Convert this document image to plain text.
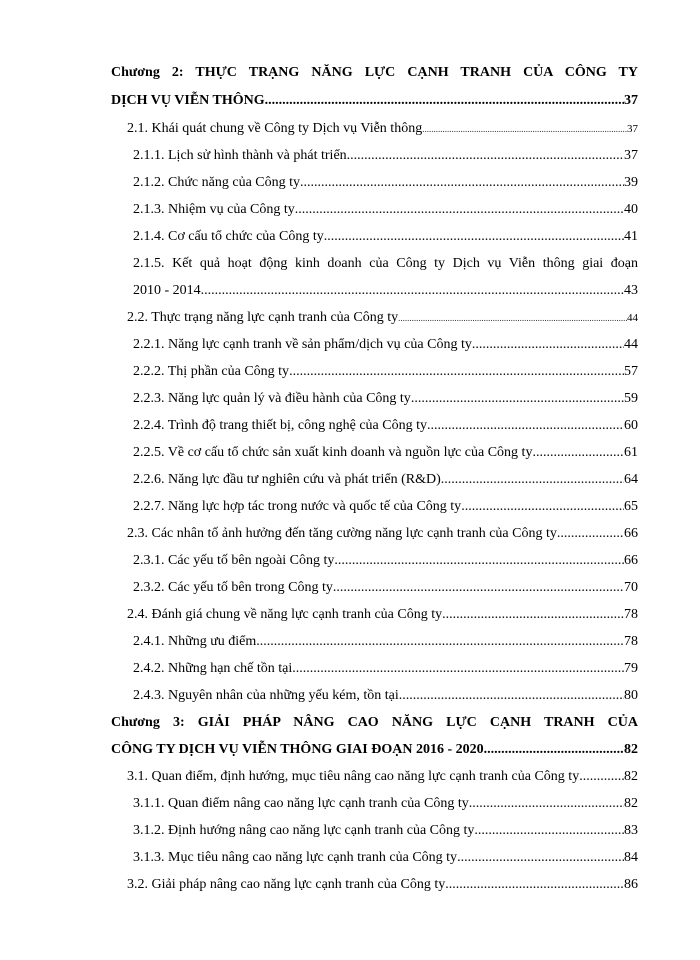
Chương 2: THỰC TRẠNG NĂNG LỰC CẠNH TRANH CỦA CÔNG TY
DỊCH VỤ VIỄN THÔNG .....	37
2.1. Khái quát chung về Công ty Dịch vụ Viễn thông .....	37
2.1.1. Lịch sử hình thành và phát triển .....	37
2.1.2. Chức năng của Công ty .....	39
2.1.3. Nhiệm vụ của Công ty .....	40
2.1.4. Cơ cấu tổ chức của Công ty .....	41
2.1.5. Kết quả hoạt động kinh doanh của Công ty Dịch vụ Viễn thông giai đoạn
2010 - 2014 .....	43
2.2. Thực trạng năng lực cạnh tranh của Công ty .....	44
2.2.1. Năng lực cạnh tranh về sản phẩm/dịch vụ của Công ty .....	44
2.2.2. Thị phần của Công ty .....	57
2.2.3. Năng lực quản lý và điều hành của Công ty .....	59
2.2.4. Trình độ trang thiết bị, công nghệ của Công ty .....	60
2.2.5. Về cơ cấu tổ chức sản xuất kinh doanh và nguồn lực của Công ty .....	61
2.2.6. Năng lực đầu tư nghiên cứu và phát triển (R&D) .....	64
2.2.7. Năng lực hợp tác trong nước và quốc tế của Công ty .....	65
2.3. Các nhân tố ảnh hưởng đến tăng cường năng lực cạnh tranh của Công ty .....	66
2.3.1. Các yếu tố bên ngoài Công ty .....	66
2.3.2. Các yếu tố bên trong Công ty .....	70
2.4. Đánh giá chung về năng lực cạnh tranh của Công ty .....	78
2.4.1. Những ưu điểm .....	78
2.4.2. Những hạn chế tồn tại .....	79
2.4.3. Nguyên nhân của những yếu kém, tồn tại .....	80
Chương 3: GIẢI PHÁP NÂNG CAO NĂNG LỰC CẠNH TRANH CỦA
CÔNG TY DỊCH VỤ VIỄN THÔNG GIAI ĐOẠN 2016 - 2020 .....	82
3.1. Quan điểm, định hướng, mục tiêu nâng cao năng lực cạnh tranh của Công ty .....	82
3.1.1. Quan điểm nâng cao năng lực cạnh tranh của Công ty .....	82
3.1.2. Định hướng nâng cao năng lực cạnh tranh của Công ty .....	83
3.1.3. Mục tiêu nâng cao năng lực cạnh tranh của Công ty .....	84
3.2. Giải pháp nâng cao năng lực cạnh tranh của Công ty .....	86
